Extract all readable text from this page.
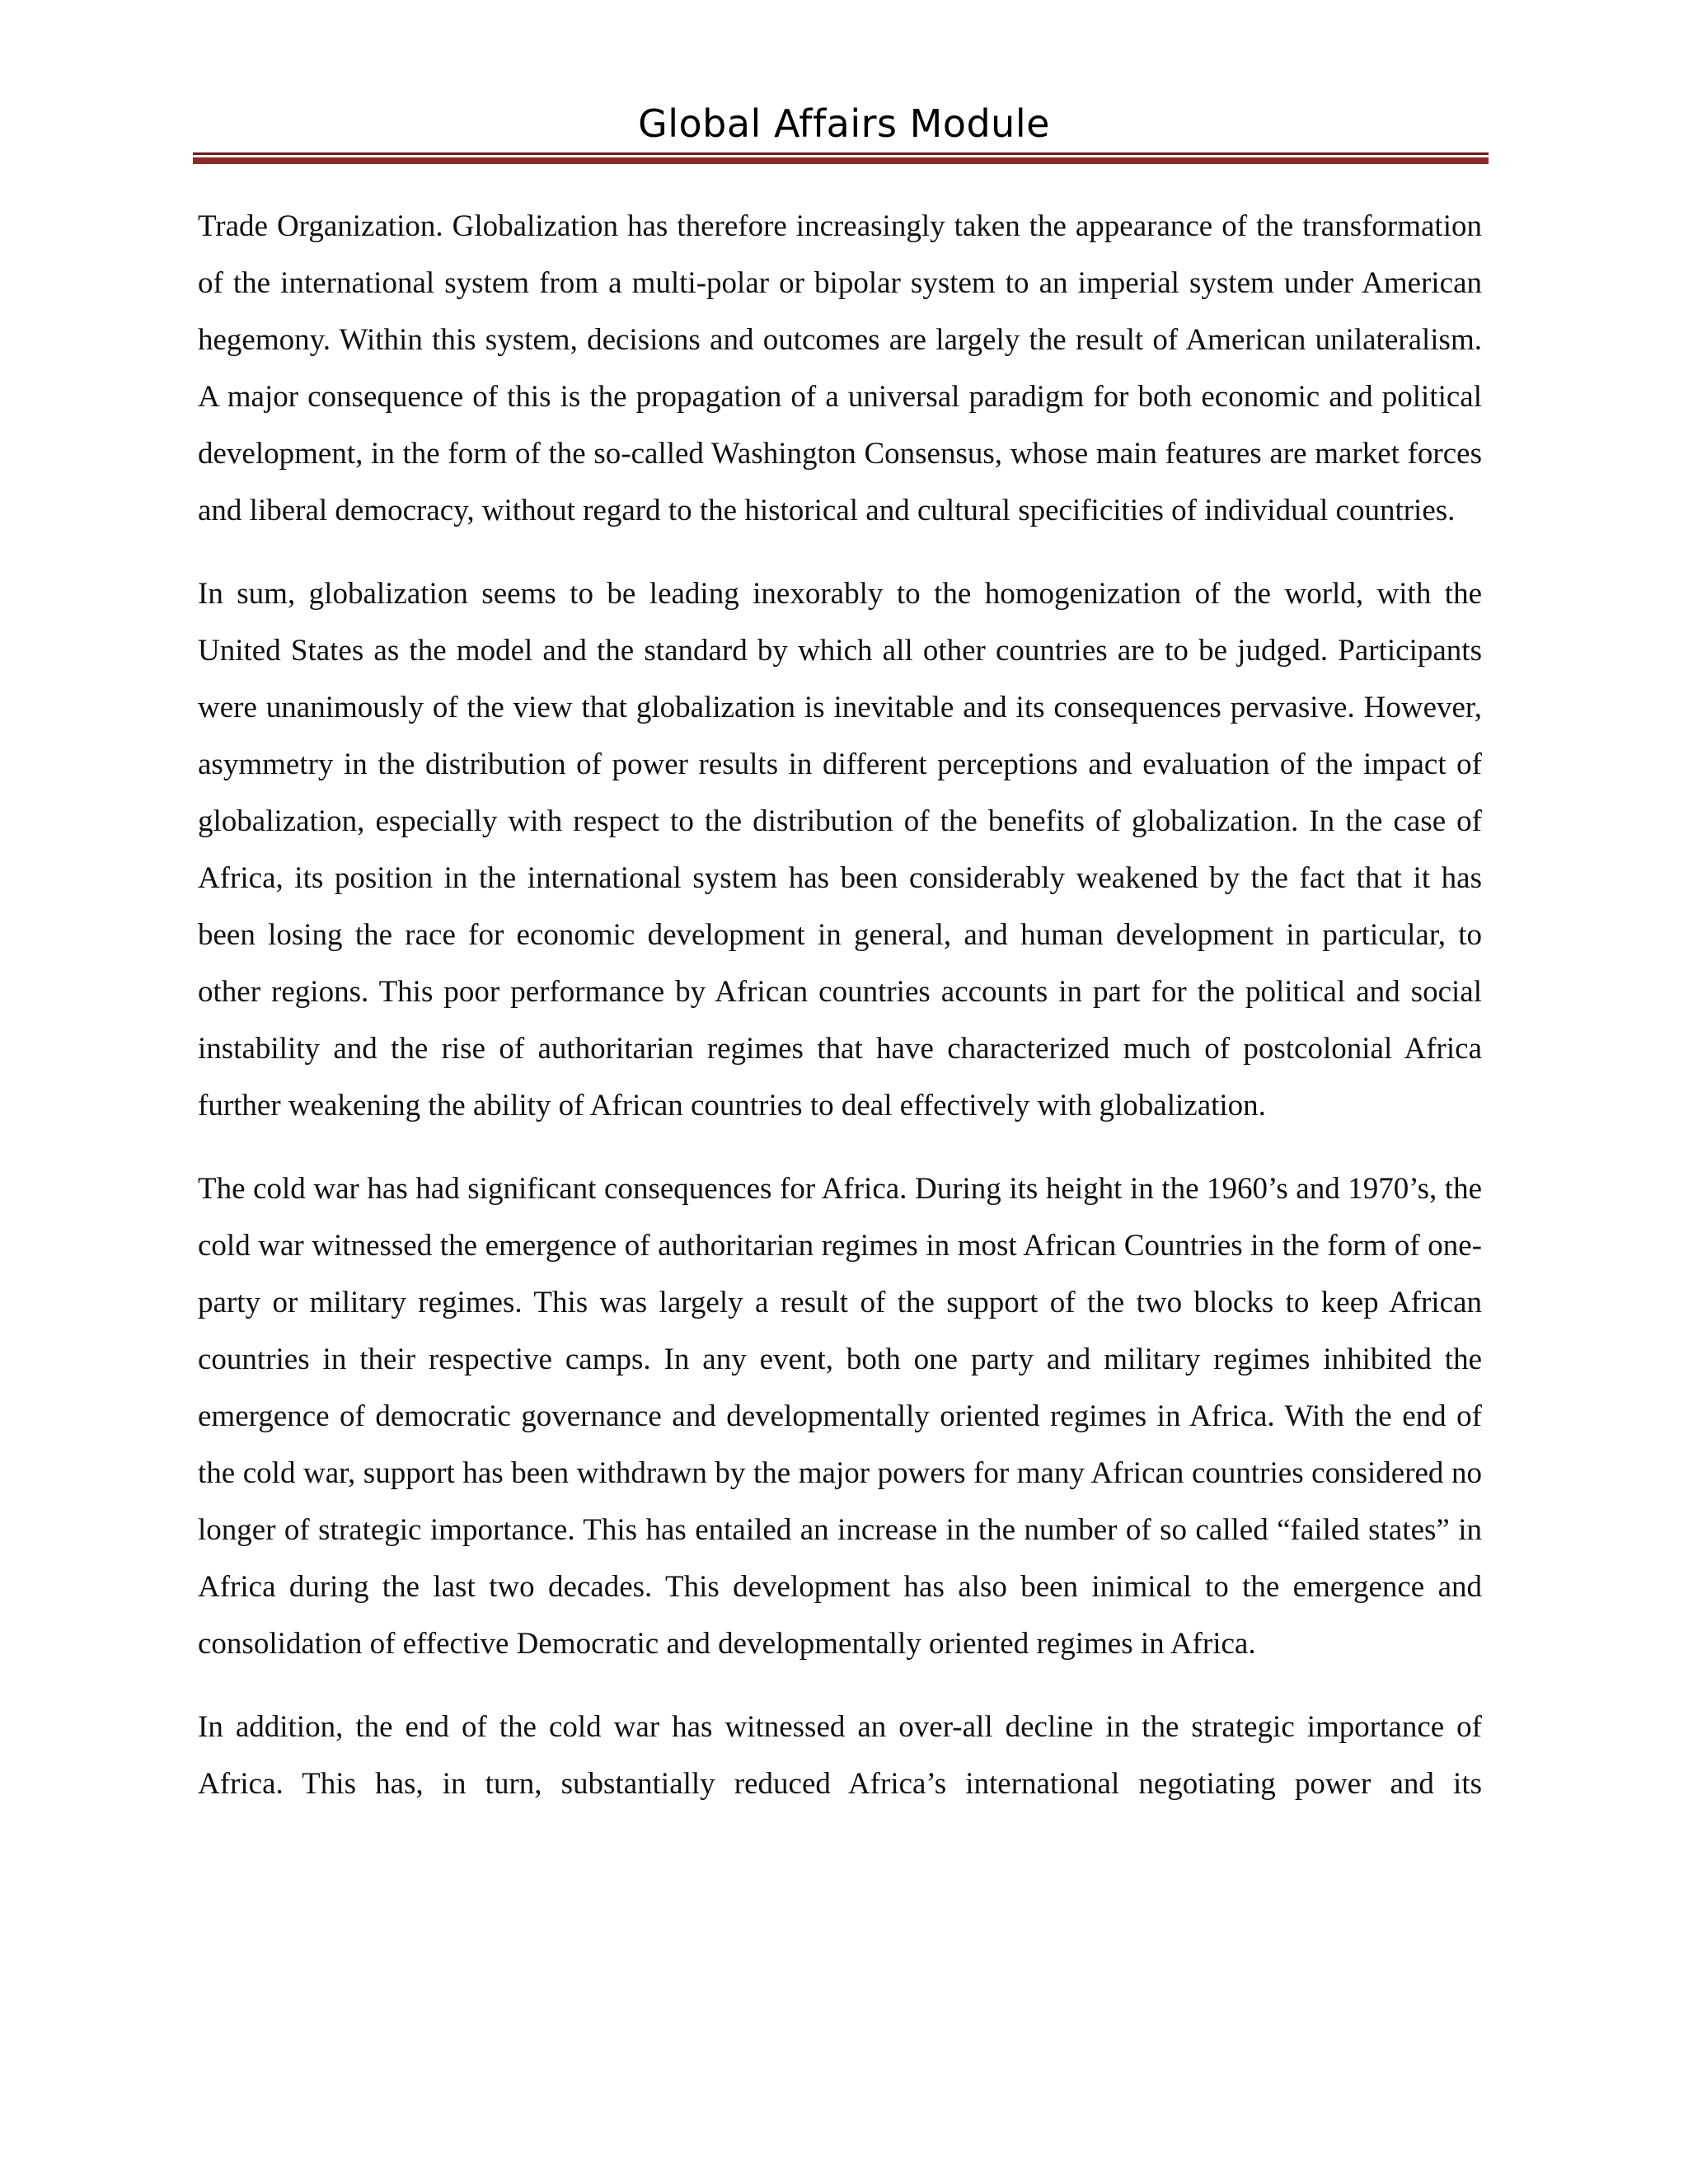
Global Affairs Module

Trade Organization. Globalization has therefore increasingly taken the appearance of the transformation of the international system from a multi-polar or bipolar system to an imperial system under American hegemony. Within this system, decisions and outcomes are largely the result of American unilateralism. A major consequence of this is the propagation of a universal paradigm for both economic and political development, in the form of the so-called Washington Consensus, whose main features are market forces and liberal democracy, without regard to the historical and cultural specificities of individual countries.

In sum, globalization seems to be leading inexorably to the homogenization of the world, with the United States as the model and the standard by which all other countries are to be judged. Participants were unanimously of the view that globalization is inevitable and its consequences pervasive. However, asymmetry in the distribution of power results in different perceptions and evaluation of the impact of globalization, especially with respect to the distribution of the benefits of globalization. In the case of Africa, its position in the international system has been considerably weakened by the fact that it has been losing the race for economic development in general, and human development in particular, to other regions. This poor performance by African countries accounts in part for the political and social instability and the rise of authoritarian regimes that have characterized much of postcolonial Africa further weakening the ability of African countries to deal effectively with globalization.

The cold war has had significant consequences for Africa. During its height in the 1960’s and 1970’s, the cold war witnessed the emergence of authoritarian regimes in most African Countries in the form of one-party or military regimes. This was largely a result of the support of the two blocks to keep African countries in their respective camps. In any event, both one party and military regimes inhibited the emergence of democratic governance and developmentally oriented regimes in Africa. With the end of the cold war, support has been withdrawn by the major powers for many African countries considered no longer of strategic importance. This has entailed an increase in the number of so called “failed states” in Africa during the last two decades. This development has also been inimical to the emergence and consolidation of effective Democratic and developmentally oriented regimes in Africa.

In addition, the end of the cold war has witnessed an over-all decline in the strategic importance of Africa. This has, in turn, substantially reduced Africa’s international negotiating power and its
